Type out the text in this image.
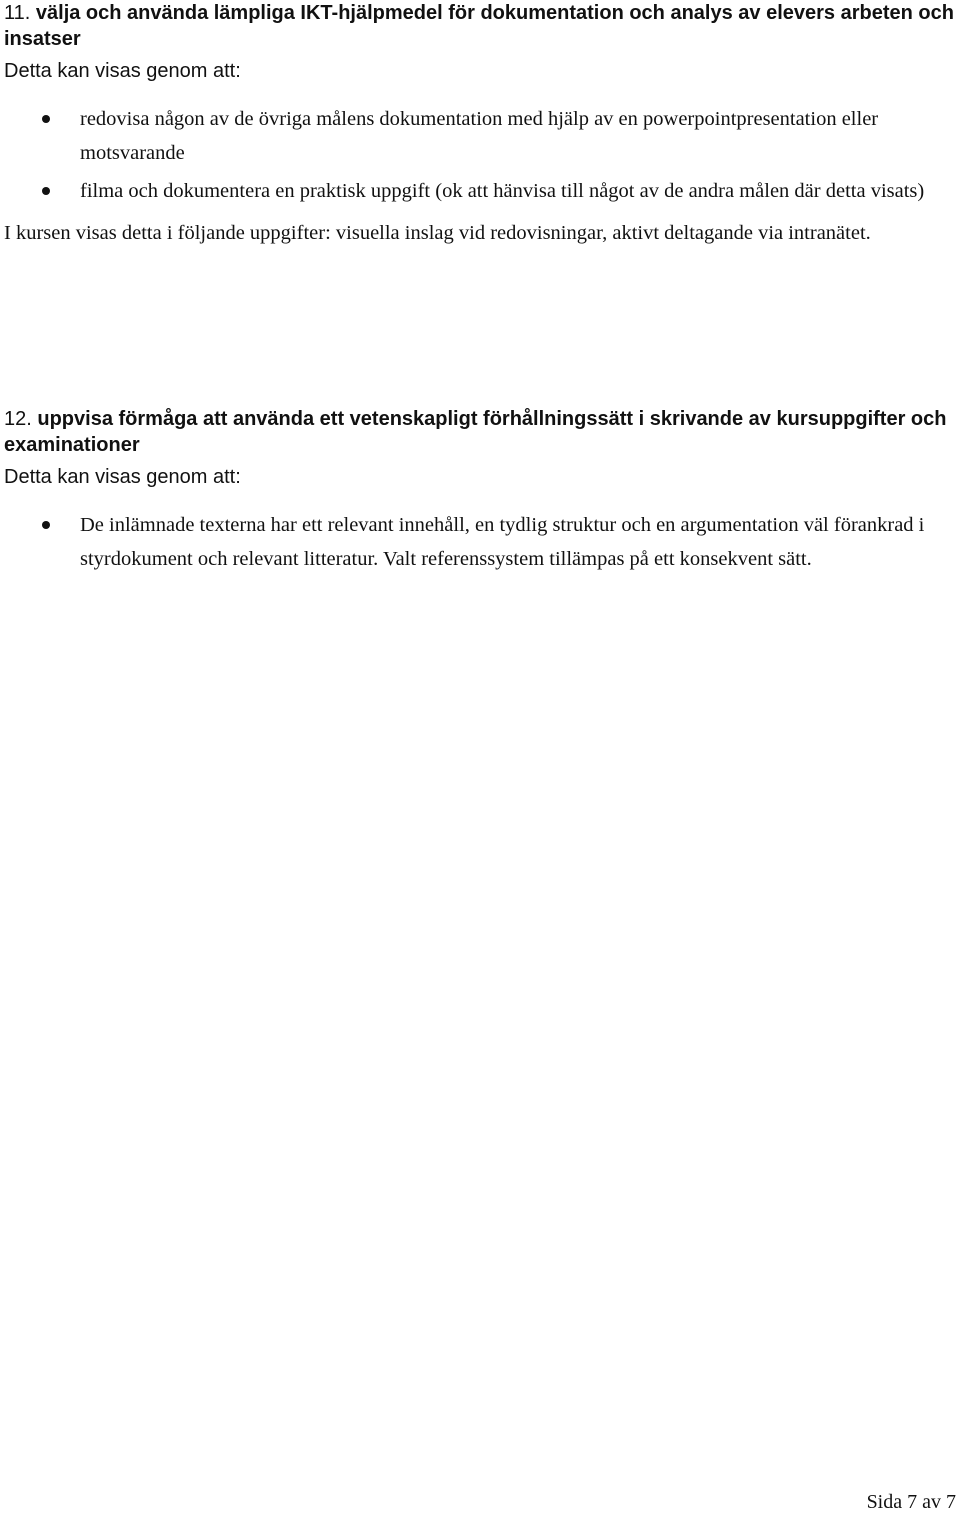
11. välja och använda lämpliga IKT-hjälpmedel för dokumentation och analys av elevers arbeten och insatser

Detta kan visas genom att:

redovisa någon av de övriga målens dokumentation med hjälp av en powerpointpresentation eller motsvarande
filma och dokumentera en praktisk uppgift (ok att hänvisa till något av de andra målen där detta visats)

I kursen visas detta i följande uppgifter: visuella inslag vid redovisningar, aktivt deltagande via intranätet.

12. uppvisa förmåga att använda ett vetenskapligt förhållningssätt i skrivande av kursuppgifter och examinationer

Detta kan visas genom att:

De inlämnade texterna har ett relevant innehåll, en tydlig struktur och en argumentation väl förankrad i styrdokument och relevant litteratur. Valt referenssystem tillämpas på ett konsekvent sätt.
Sida 7 av 7
